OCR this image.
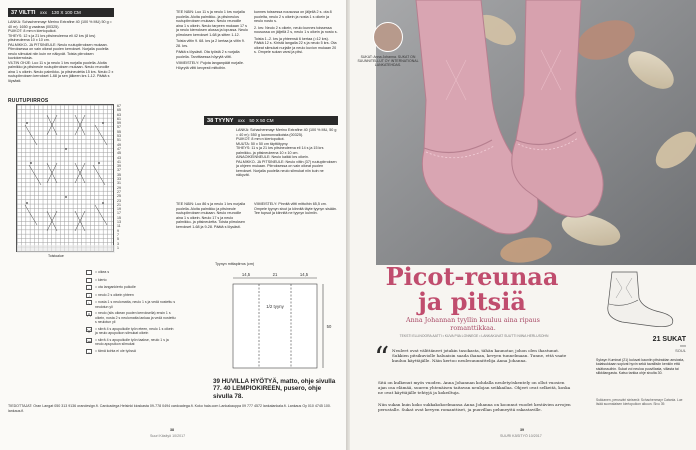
37 VILTTI xxx 130 X 100 CM
LANKA: Schachenmayr Merino Extrafine 40 (100 % MU) 50 g = 40 m): 1650 g vaaleaa (00325).
PUIKOT: 8 mm:n kiertopuikot.
TIHEYS: 12 s ja 21 krs pitsineuleena eli 42 krs (8 krs) pitsineuleena 10 x 10 cm.
PALMIKKO- JA PITSINEULE: Neulo ruutupiirroksen mukaan. Piirroksessa on vain oikeat puolen kerrokset. Nurjalla puolella neulo silmukat niin kuin ne näkyvät. Toista piirroksen kuviokerroksia.
VILTIN OHJE: Luo 11 s ja neulo 1 krs nurjalla puolella. Aloita palmikko ja pitsineule ruutupiirroksen mukaan. Neulo reunoille aina 1 s oikein. Neulo palmikko- ja pitsineuletta 15 krs. Neulo 2 x ruutupiirroksen kerrokset 1-68 ja sen jälkeen krs 1-12. Päätä s löysästi.
RUUTUPIIRROS
67
65
63
61
59
57
55
53
51
49
47
45
43
41
39
37
35
33
31
29
27
25
23
21
19
17
15
13
11
9
7
5
3
1
Toistoalue
= oikea s
-	= kierto
◦	= ota langankierto puikolle
/	= neulo 2 s oikein yhteen
\	= nosta 1 s neulomatta, neulo 1 s ja vedä nostettu s neulotun yli
⋀	= neulo (siis oikean puolen kerroksella) ensin 1 s oikein, nosta 2 s neulomatta lankaa ja vedä nostettu s neulotun yli
⋁	= siirrä 4 s apupuikolle työn eteen, neulo 1 s oikein ja neulo apupuikon silmukat oikein
≫ = siirrä 4 s apupuikolle työn taakse, neulo 1 s ja neulo apupuikon silmukat
▫	= tämä kohta ei ole työssä
TEE NÄIN: Luo 11 s ja neulo 1 krs nurjalla puolella. Aloita palmikko- ja pitsineulos ruutupiirroksen mukaan. Neulo reunoille aina 1 s oikein. Neulo tarpeen mukaan 17 s ja neulo kierroksen alussa ja lopussa. Neulo piirroksen kerrokset 1-68 ja sitten 1-12.
Toista viltin 9. 68. krs ja 2 kertaa ja viltin 9. 28. krs.
Päätä s löysästi. Ota työstä 2 s nurjalla puolella. Tarvittaessa höyrytä viltti.
VIIMEISTELY: Pujota langanpäät nurjalle. Höyrytä viltti kevyesti mittoihin.
kunnes toissessa nousussa on jäljellä 2 s. ota 8 puolelta, neulo 2 s oikein ja nosta 1 s oikein ja neulo nosto s.
2. krs: Neulo 2 s oikein, neulo kunnes toissessa nousussa on jäljellä 2 s, neulo 1 s oikein ja nosto s.
Toista 1.-2. krs ja yhteensä 6 kertaa (=12 krs). Päätä 12 s. Kiristä langalla 22 s ja neulo 5 krs. Ota oikeat silmukat nurjalle ja neulo kuvion mukaan 20 s. Ompele sukan varsi ja pitsi.
38 TYYNY xxx 50 X 50 CM
LANKA: Schachenmayr Merino Extrafine 40 (100 % MU, 50 g = 40 m): 550 g luonnonvalkoista (00325).
PUIKOT: 8 mm:n kiertopuikot.
MUUTA: 50 x 50 cm täyttötyyny.
TIHEYS: 11 s ja 21 krs pitsineuleena eli 14 s ja 15 krs palmikko- ja pitsineuleena 10 x 10 cm.
AINAOIKEINNEULE: Neulo kaikki krs oikein.
PALMIKKO- JA PITSINEULE: Neulo viltin (37) ruutupiirroksen ja ohjeen mukaan. Piirroksessa on vain oikeat puolen kerrokset. Nurjalla puolella neulo silmukat niin kuin ne näkyvät.
TEE NÄIN: Luo 86 s ja neulo 1 krs nurjalla puolella. Aloita palmikko ja pitsineule ruutupiirroksen mukaan. Neulo reunoille aina 1 s oikein. Neulo 17 s ja neulo palmikko- ja pitsineuletta. Toista piirroksen kerrokset 1-68 ja 9-28. Päätä s löysästi.
VIIMEISTELY: Pinnitä viltti mittoihin 65,5 cm. Ompele tyynyn sivut ja kiinnitä täyte tyynyn sisään. Tee tupsut ja kiinnitä ne tyynyn kulmiin.
Tyynyn mittapiirros (cm)
14,5	21	14,5
50
1/2 tyyny
39 HUVILLA HYÖTYÄ, matto, ohje sivulla 77. 40 LEMPIOKIREEN, pusero, ohje sivulla 78.
TIEDOTTAJAT: Oran Langat 050 313 9136 orandesign.fi. Cardcadega Helsinki kioskasta 09-778 0494 cardcadega.fi. Koko hala.com Lankakauppa 09 777 4572 lankalankala.fi. Lankaus Oy 010 4745 100. lankaus.fi.
38
Suuri Käsityö 10/2017
SUKAT: Anna Johanna. SUKAT ON SUUNNITELLUT OY INTERNATIONAL LANKATEHDAS.
Picot-reunaa
ja pitsiä
Anna Johannan tyyllin kuuluu aina ripaus romanttikkaa.
TEKSTI ELLINOORA AATTI • KUVA PIIA LONNEGE • LANKAKUVAT SUUTTI NIINA HERLUSOHN
“ Neuleet ovat välittäneet jotakin tasokasta, tähän kaunotar, johon olen ihastunut. Sukkien pitsikuviolle haluaisin saada ihanan, kevyen tunnelmaan. Tunne, että vaate kuuluu käyttäjälle. Näin kertoo neulesuunnittelija Anna Johanna.
Sitä on kulkenut myös vuoden. Anna Johannan kohdalla neuletyöskentely on ollut vuosien ajan osa elämää, suuren yhtenäisen taitavan neulojan seikkailua. Ohjeet ovat selkeitä, koska ne ovat käyttäjälle tehtyjä ja kokeiltuja.
Niin sukan kuin koko sukkakokoelmansa Anna Johanna on koonnut vuodet kestävien arvojen perustalle. Sukat ovat kevyen romanttiset, ja puuvillan pehmeyttä rakastaville.
21 SUKAT
xxx
SOUL
Syksyn Kuminat (21) kuluvat kauniin pitsiraidan ansiosta, kalatsukkaan sopivat hyvin sekä tavallisiin kenkiin että sisätossuihin. Sukat voi neuloa puuvillasta, villasta tai silkkilangasta. Katso tarkka ohje sivulta 30.
Sukkanen, perusväri sinisenä: Schachenmayr Catania. Lue lisää suomalaisen kiertopuikon alkuun. Sivu 39.
39
SUURI KÄSITYÖ 10/2017
